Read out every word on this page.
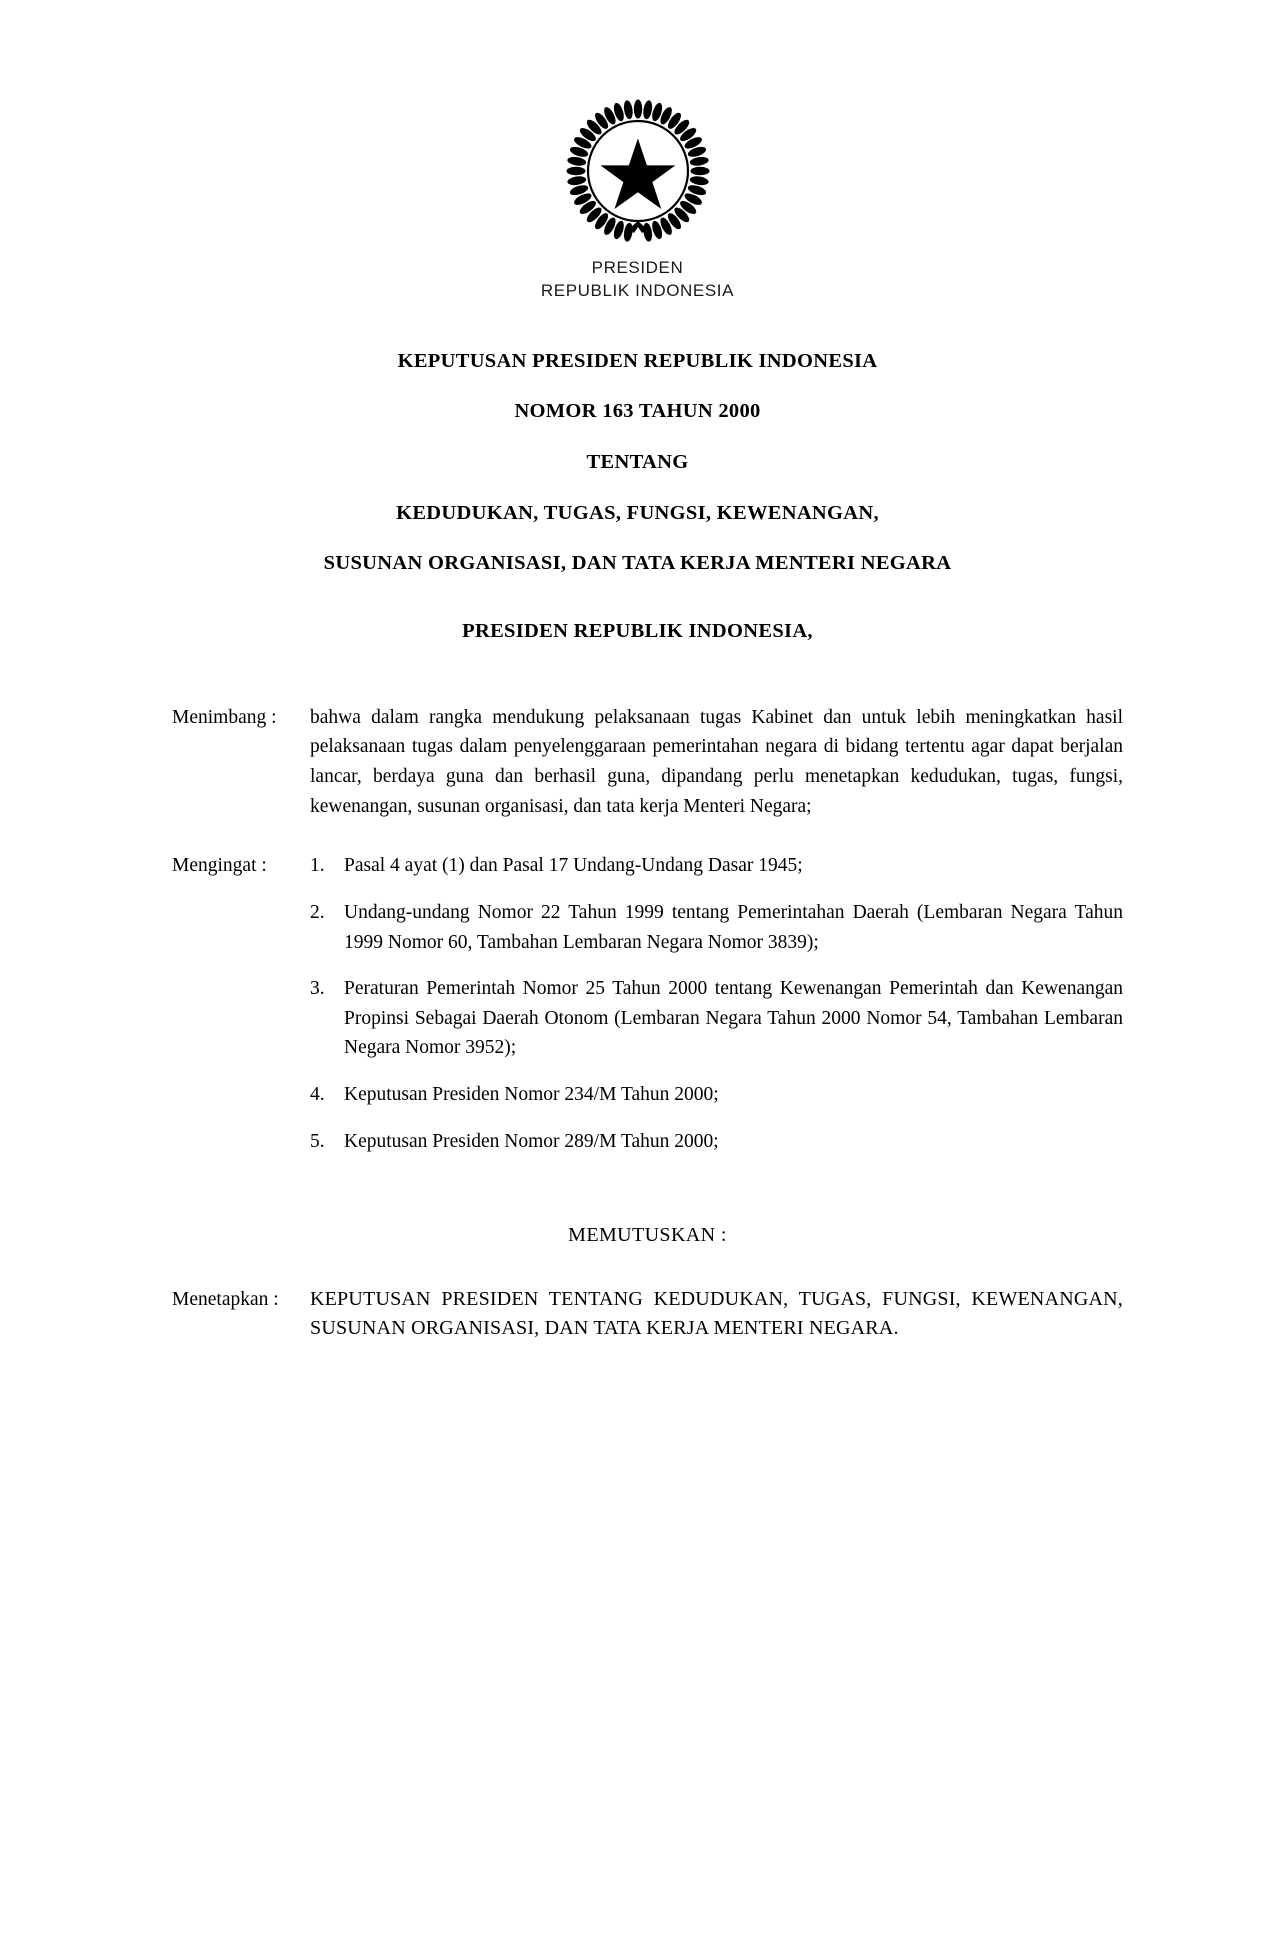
PRESIDEN
REPUBLIK INDONESIA
KEPUTUSAN PRESIDEN REPUBLIK INDONESIA
NOMOR 163 TAHUN 2000
TENTANG
KEDUDUKAN, TUGAS, FUNGSI, KEWENANGAN,
SUSUNAN ORGANISASI, DAN TATA KERJA MENTERI NEGARA
PRESIDEN REPUBLIK INDONESIA,
Menimbang :	bahwa dalam rangka mendukung pelaksanaan tugas Kabinet dan untuk lebih meningkatkan hasil pelaksanaan tugas dalam penyelenggaraan pemerintahan negara di bidang tertentu agar dapat berjalan lancar, berdaya guna dan berhasil guna, dipandang perlu menetapkan kedudukan, tugas, fungsi, kewenangan, susunan organisasi, dan tata kerja Menteri Negara;

Mengingat :	1. Pasal 4 ayat (1) dan Pasal 17 Undang-Undang Dasar 1945;
2. Undang-undang Nomor 22 Tahun 1999 tentang Pemerintahan Daerah (Lembaran Negara Tahun 1999 Nomor 60, Tambahan Lembaran Negara Nomor 3839);
3. Peraturan Pemerintah Nomor 25 Tahun 2000 tentang Kewenangan Pemerintah dan Kewenangan Propinsi Sebagai Daerah Otonom (Lembaran Negara Tahun 2000 Nomor 54, Tambahan Lembaran Negara Nomor 3952);
4. Keputusan Presiden Nomor 234/M Tahun 2000;
5. Keputusan Presiden Nomor 289/M Tahun 2000;
MEMUTUSKAN :
Menetapkan :	KEPUTUSAN PRESIDEN TENTANG KEDUDUKAN, TUGAS, FUNGSI, KEWENANGAN, SUSUNAN ORGANISASI, DAN TATA KERJA MENTERI NEGARA.
